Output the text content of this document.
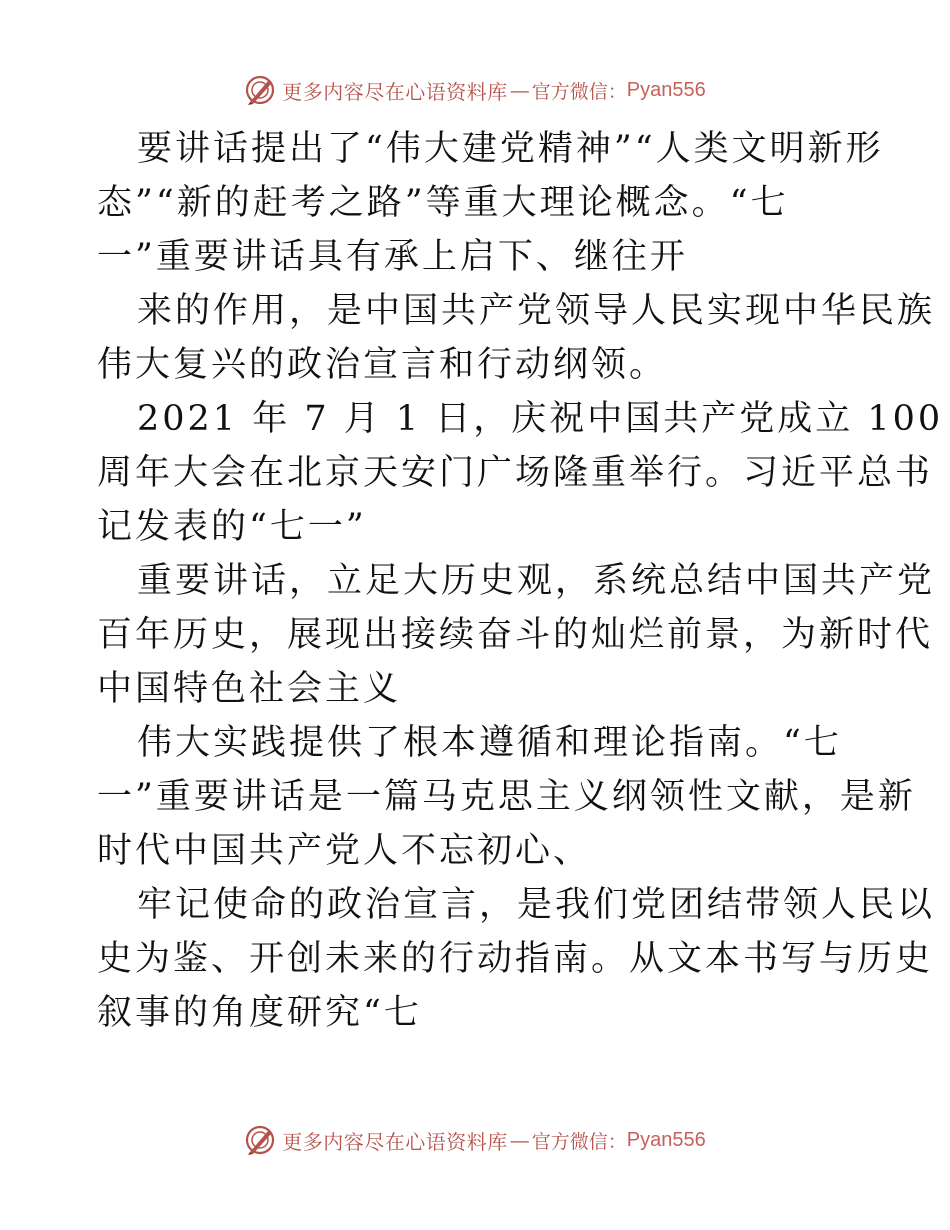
更多内容尽在心语资料库 — 官方微信： Pyan556
要讲话提出了“伟大建党精神”“人类文明新形
态”“新的赶考之路”等重大理论概念。“七
一”重要讲话具有承上启下、继往开
来的作用，是中国共产党领导人民实现中华民族
伟大复兴的政治宣言和行动纲领。
2021 年 7 月 1 日，庆祝中国共产党成立 100
周年大会在北京天安门广场隆重举行。习近平总书
记发表的“七一”
重要讲话，立足大历史观，系统总结中国共产党
百年历史，展现出接续奋斗的灿烂前景，为新时代
中国特色社会主义
伟大实践提供了根本遵循和理论指南。“七
一”重要讲话是一篇马克思主义纲领性文献，是新
时代中国共产党人不忘初心、
牢记使命的政治宣言，是我们党团结带领人民以
史为鉴、开创未来的行动指南。从文本书写与历史
叙事的角度研究“七
更多内容尽在心语资料库 — 官方微信： Pyan556
